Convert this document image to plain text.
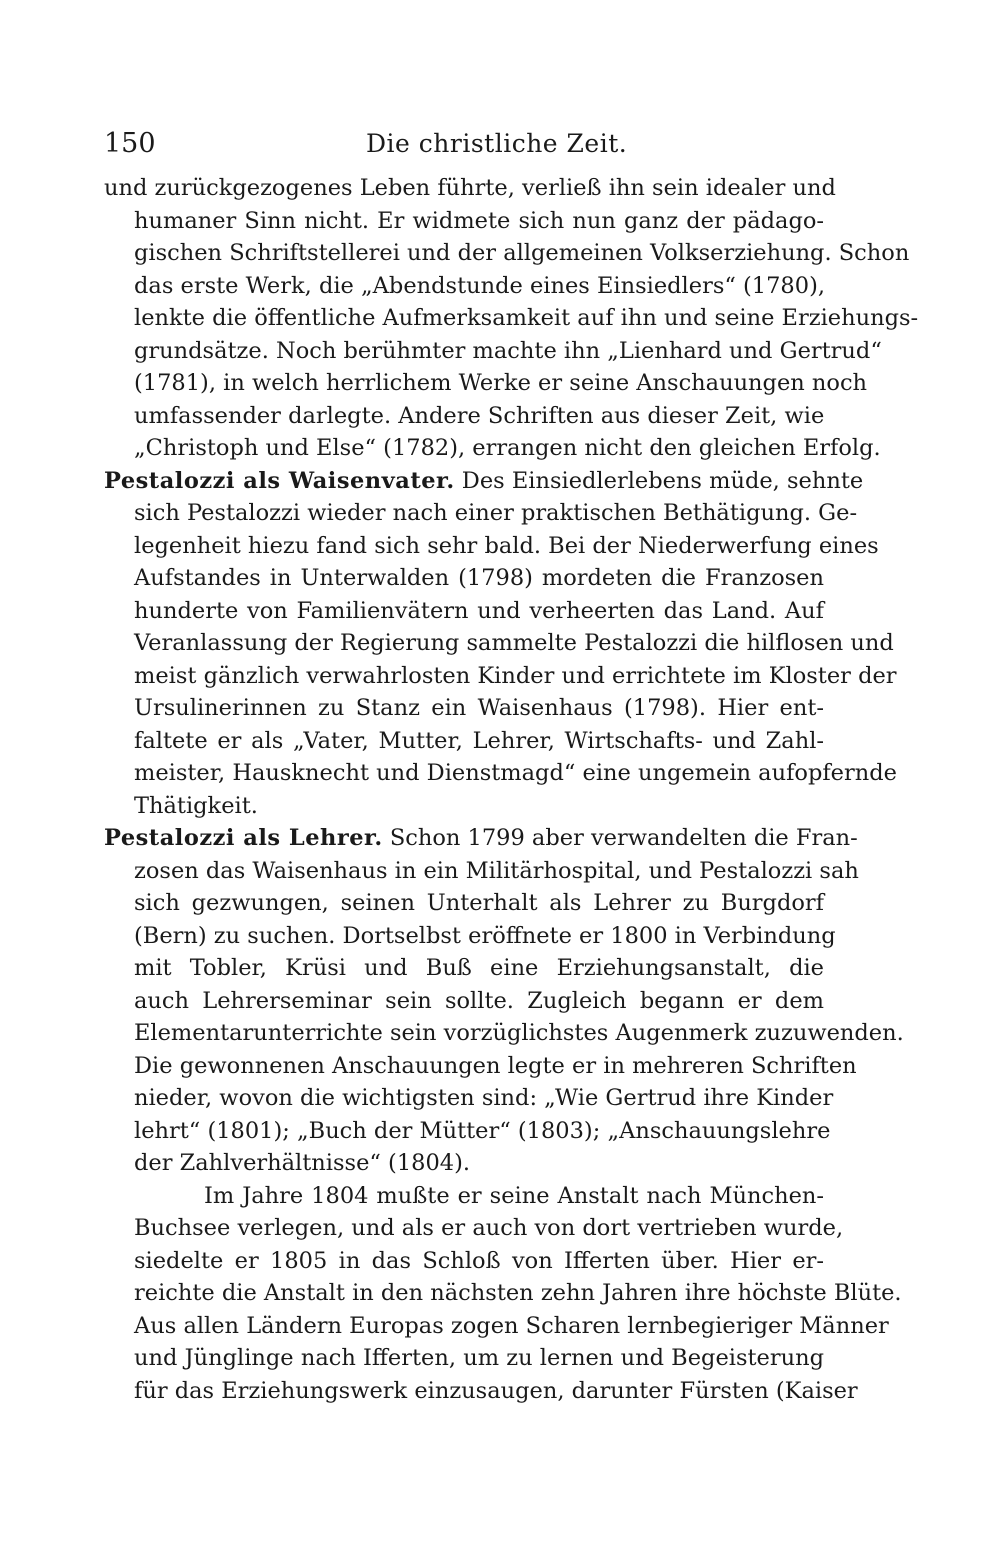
150	Die christliche Zeit.
und zurückgezogenes Leben führte, verließ ihn sein idealer und
humaner Sinn nicht. Er widmete sich nun ganz der pädago-
gischen Schriftstellerei und der allgemeinen Volkserziehung. Schon
das erste Werk, die „Abendstunde eines Einsiedlers“ (1780),
lenkte die öffentliche Aufmerksamkeit auf ihn und seine Erziehungs-
grundsätze. Noch berühmter machte ihn „Lienhard und Gertrud“
(1781), in welch herrlichem Werke er seine Anschauungen noch
umfassender darlegte. Andere Schriften aus dieser Zeit, wie
„Christoph und Else“ (1782), errangen nicht den gleichen Erfolg.
Pestalozzi als Waisenvater. Des Einsiedlerlebens müde, sehnte
sich Pestalozzi wieder nach einer praktischen Bethätigung. Ge-
legenheit hiezu fand sich sehr bald. Bei der Niederwerfung eines
Aufstandes in Unterwalden (1798) mordeten die Franzosen
hunderte von Familienvätern und verheerten das Land. Auf
Veranlassung der Regierung sammelte Pestalozzi die hilflosen und
meist gänzlich verwahrlosten Kinder und errichtete im Kloster der
Ursulinerinnen zu Stanz ein Waisenhaus (1798). Hier ent-
faltete er als „Vater, Mutter, Lehrer, Wirtschafts- und Zahl-
meister, Hausknecht und Dienstmagd“ eine ungemein aufopfernde
Thätigkeit.
Pestalozzi als Lehrer. Schon 1799 aber verwandelten die Fran-
zosen das Waisenhaus in ein Militärhospital, und Pestalozzi sah
sich gezwungen, seinen Unterhalt als Lehrer zu Burgdorf
(Bern) zu suchen. Dortselbst eröffnete er 1800 in Verbindung
mit Tobler, Krüsi und Buß eine Erziehungsanstalt, die
auch Lehrerseminar sein sollte. Zugleich begann er dem
Elementarunterrichte sein vorzüglichstes Augenmerk zuzuwenden.
Die gewonnenen Anschauungen legte er in mehreren Schriften
nieder, wovon die wichtigsten sind: „Wie Gertrud ihre Kinder
lehrt“ (1801); „Buch der Mütter“ (1803); „Anschauungslehre
der Zahlverhältnisse“ (1804).
Im Jahre 1804 mußte er seine Anstalt nach München-
Buchsee verlegen, und als er auch von dort vertrieben wurde,
siedelte er 1805 in das Schloß von Ifferten über. Hier er-
reichte die Anstalt in den nächsten zehn Jahren ihre höchste Blüte.
Aus allen Ländern Europas zogen Scharen lernbegieriger Männer
und Jünglinge nach Ifferten, um zu lernen und Begeisterung
für das Erziehungswerk einzusaugen, darunter Fürsten (Kaiser
